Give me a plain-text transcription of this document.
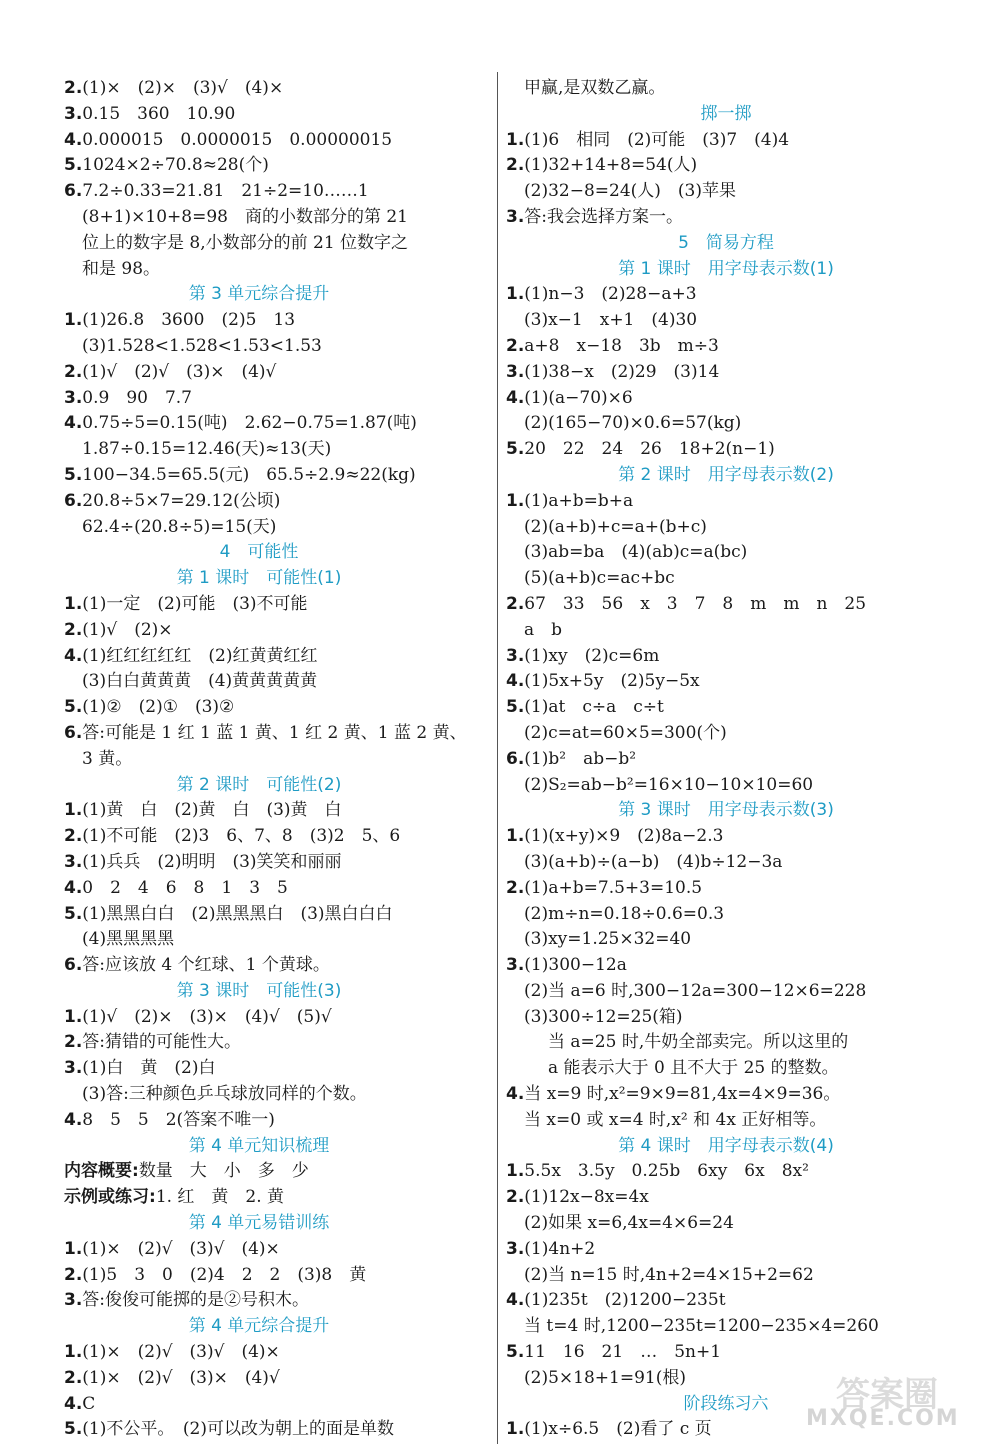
2.(1)×　(2)×　(3)√　(4)×
3.0.15　360　10.90
4.0.000015　0.0000015　0.00000015
5.1024×2÷70.8≈28(个)
6.7.2÷0.33=21.81　21÷2=10……1
(8+1)×10+8=98　商的小数部分的第 21
位上的数字是 8,小数部分的前 21 位数字之
和是 98。
第 3 单元综合提升
1.(1)26.8　3600　(2)5　13
(3)1.528<1.528<1.53<1.53
2.(1)√　(2)√　(3)×　(4)√
3.0.9　90　7.7
4.0.75÷5=0.15(吨)　2.62−0.75=1.87(吨)
1.87÷0.15=12.46(天)≈13(天)
5.100−34.5=65.5(元)　65.5÷2.9≈22(kg)
6.20.8÷5×7=29.12(公顷)
62.4÷(20.8÷5)=15(天)
4　可能性
第 1 课时　可能性(1)
1.(1)一定　(2)可能　(3)不可能
2.(1)√　(2)×
4.(1)红红红红红　(2)红黄黄红红
(3)白白黄黄黄　(4)黄黄黄黄黄
5.(1)②　(2)①　(3)②
6.答:可能是 1 红 1 蓝 1 黄、1 红 2 黄、1 蓝 2 黄、
3 黄。
第 2 课时　可能性(2)
1.(1)黄　白　(2)黄　白　(3)黄　白
2.(1)不可能　(2)3　6、7、8　(3)2　5、6
3.(1)兵兵　(2)明明　(3)笑笑和丽丽
4.0　2　4　6　8　1　3　5
5.(1)黑黑白白　(2)黑黑黑白　(3)黑白白白
(4)黑黑黑黑
6.答:应该放 4 个红球、1 个黄球。
第 3 课时　可能性(3)
1.(1)√　(2)×　(3)×　(4)√　(5)√
2.答:猜错的可能性大。
3.(1)白　黄　(2)白
(3)答:三种颜色乒乓球放同样的个数。
4.8　5　5　2(答案不唯一)
第 4 单元知识梳理
内容概要:数量　大　小　多　少
示例或练习:1. 红　黄　2. 黄
第 4 单元易错训练
1.(1)×　(2)√　(3)√　(4)×
2.(1)5　3　0　(2)4　2　2　(3)8　黄
3.答:俊俊可能掷的是②号积木。
第 4 单元综合提升
1.(1)×　(2)√　(3)√　(4)×
2.(1)×　(2)√　(3)×　(4)√
4.C
5.(1)不公平。　(2)可以改为朝上的面是单数
甲赢,是双数乙赢。
掷一掷
1.(1)6　相同　(2)可能　(3)7　(4)4
2.(1)32+14+8=54(人)
(2)32−8=24(人)　(3)苹果
3.答:我会选择方案一。
5　简易方程
第 1 课时　用字母表示数(1)
1.(1)n−3　(2)28−a+3
(3)x−1　x+1　(4)30
2.a+8　x−18　3b　m÷3
3.(1)38−x　(2)29　(3)14
4.(1)(a−70)×6
(2)(165−70)×0.6=57(kg)
5.20　22　24　26　18+2(n−1)
第 2 课时　用字母表示数(2)
1.(1)a+b=b+a
(2)(a+b)+c=a+(b+c)
(3)ab=ba　(4)(ab)c=a(bc)
(5)(a+b)c=ac+bc
2.67　33　56　x　3　7　8　m　m　n　25
a　b
3.(1)xy　(2)c=6m
4.(1)5x+5y　(2)5y−5x
5.(1)at　c÷a　c÷t
(2)c=at=60×5=300(个)
6.(1)b²　ab−b²
(2)S₂=ab−b²=16×10−10×10=60
第 3 课时　用字母表示数(3)
1.(1)(x+y)×9　(2)8a−2.3
(3)(a+b)÷(a−b)　(4)b÷12−3a
2.(1)a+b=7.5+3=10.5
(2)m÷n=0.18÷0.6=0.3
(3)xy=1.25×32=40
3.(1)300−12a
(2)当 a=6 时,300−12a=300−12×6=228
(3)300÷12=25(箱)
当 a=25 时,牛奶全部卖完。所以这里的
a 能表示大于 0 且不大于 25 的整数。
4.当 x=9 时,x²=9×9=81,4x=4×9=36。
当 x=0 或 x=4 时,x² 和 4x 正好相等。
第 4 课时　用字母表示数(4)
1.5.5x　3.5y　0.25b　6xy　6x　8x²
2.(1)12x−8x=4x
(2)如果 x=6,4x=4×6=24
3.(1)4n+2
(2)当 n=15 时,4n+2=4×15+2=62
4.(1)235t　(2)1200−235t
当 t=4 时,1200−235t=1200−235×4=260
5.11　16　21　…　5n+1
(2)5×18+1=91(根)
阶段练习六
1.(1)x÷6.5　(2)看了 c 页
答案圈
MXQE.COM
